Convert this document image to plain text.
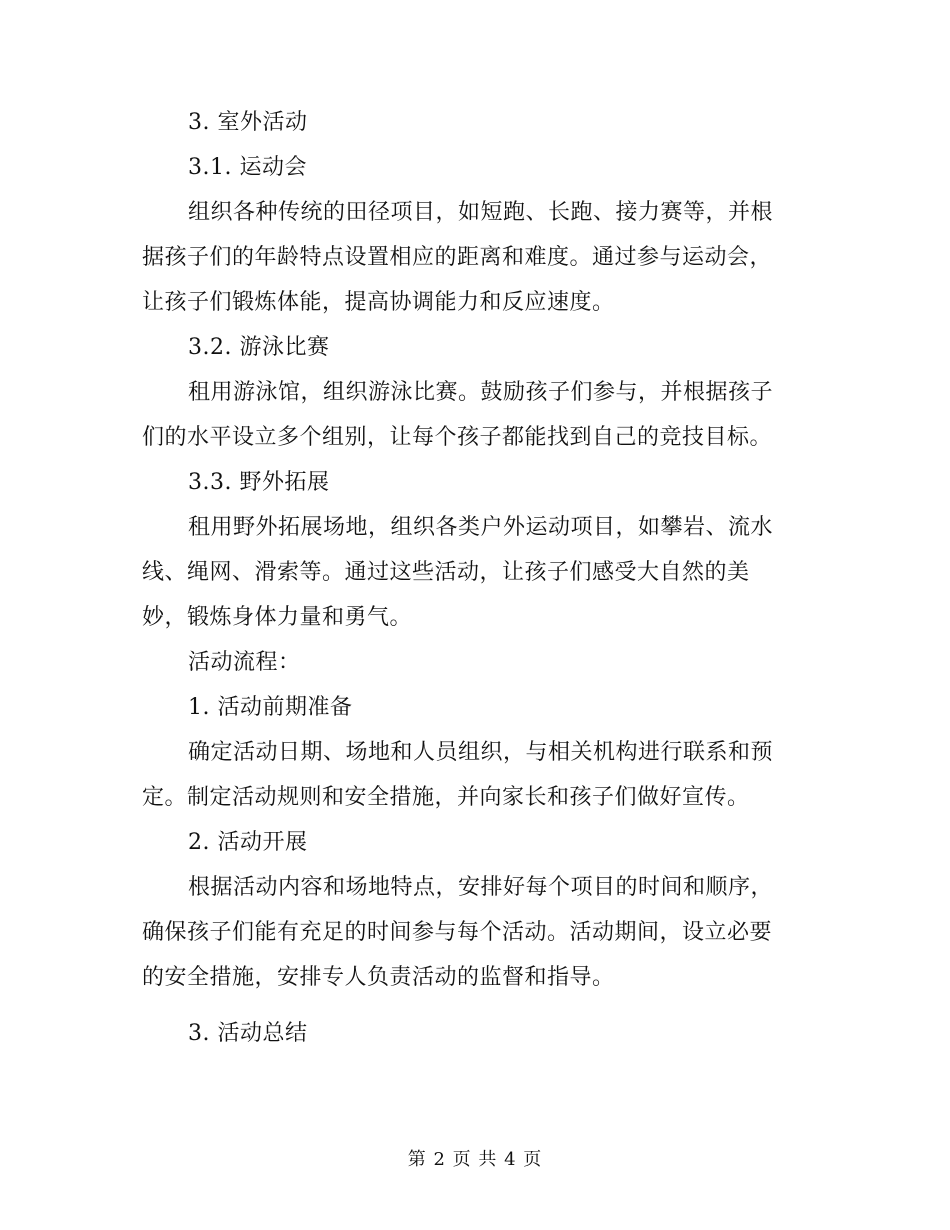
3. 室外活动
3.1. 运动会
组织各种传统的田径项目，如短跑、长跑、接力赛等，并根
据孩子们的年龄特点设置相应的距离和难度。通过参与运动会，
让孩子们锻炼体能，提高协调能力和反应速度。
3.2. 游泳比赛
租用游泳馆，组织游泳比赛。鼓励孩子们参与，并根据孩子
们的水平设立多个组别，让每个孩子都能找到自己的竞技目标。
3.3. 野外拓展
租用野外拓展场地，组织各类户外运动项目，如攀岩、流水
线、绳网、滑索等。通过这些活动，让孩子们感受大自然的美
妙，锻炼身体力量和勇气。
活动流程：
1. 活动前期准备
确定活动日期、场地和人员组织，与相关机构进行联系和预
定。制定活动规则和安全措施，并向家长和孩子们做好宣传。
2. 活动开展
根据活动内容和场地特点，安排好每个项目的时间和顺序，
确保孩子们能有充足的时间参与每个活动。活动期间，设立必要
的安全措施，安排专人负责活动的监督和指导。
3. 活动总结
第 2 页 共 4 页
